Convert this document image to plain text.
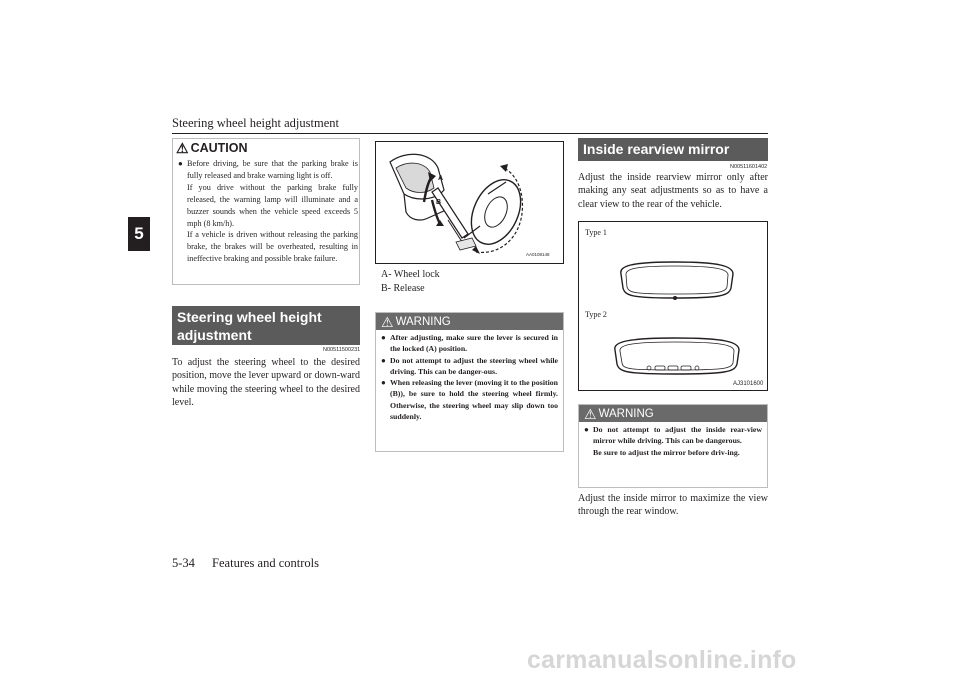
Steering wheel height adjustment
5
⚠ CAUTION
● Before driving, be sure that the parking brake is fully released and brake warning light is off.
If you drive without the parking brake fully released, the warning lamp will illuminate and a buzzer sounds when the vehicle speed exceeds 5 mph (8 km/h).
If a vehicle is driven without releasing the parking brake, the brakes will be overheated, resulting in ineffective braking and possible brake failure.
Steering wheel height adjustment
N00511500231
To adjust the steering wheel to the desired position, move the lever upward or down-ward while moving the steering wheel to the desired level.
A
B
AA0108148
A- Wheel lock
B- Release
⚠ WARNING
● After adjusting, make sure the lever is secured in the locked (A) position.
● Do not attempt to adjust the steering wheel while driving. This can be danger-ous.
● When releasing the lever (moving it to the position (B)), be sure to hold the steering wheel firmly. Otherwise, the steering wheel may slip down too suddenly.
Inside rearview mirror
N00511601402
Adjust the inside rearview mirror only after making any seat adjustments so as to have a clear view to the rear of the vehicle.
Type 1
Type 2
AJ3101600
⚠ WARNING
● Do not attempt to adjust the inside rear-view mirror while driving. This can be dangerous.
Be sure to adjust the mirror before driv-ing.
Adjust the inside mirror to maximize the view through the rear window.
5-34 Features and controls
carmanualsonline.info
